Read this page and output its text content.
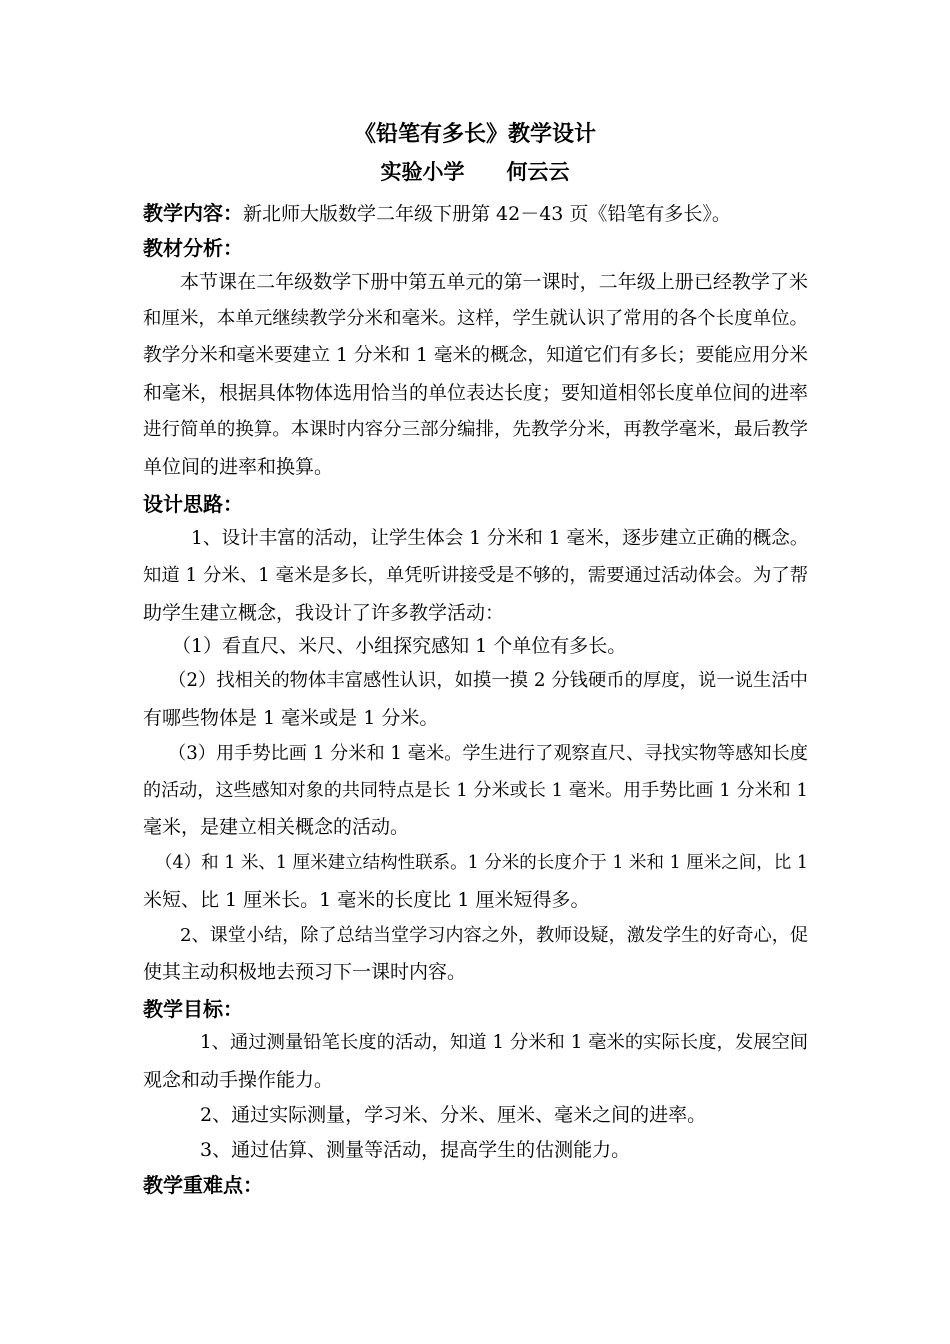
《铅笔有多长》教学设计
实验小学　　何云云
教学内容：新北师大版数学二年级下册第 42－43 页《铅笔有多长》。
教材分析：
本节课在二年级数学下册中第五单元的第一课时，二年级上册已经教学了米
和厘米，本单元继续教学分米和毫米。这样，学生就认识了常用的各个长度单位。
教学分米和毫米要建立 1 分米和 1 毫米的概念，知道它们有多长；要能应用分米
和毫米，根据具体物体选用恰当的单位表达长度；要知道相邻长度单位间的进率
进行简单的换算。本课时内容分三部分编排，先教学分米，再教学毫米，最后教学
单位间的进率和换算。
设计思路：
1、设计丰富的活动，让学生体会 1 分米和 1 毫米，逐步建立正确的概念。
知道 1 分米、1 毫米是多长，单凭听讲接受是不够的，需要通过活动体会。为了帮
助学生建立概念，我设计了许多教学活动：
（1）看直尺、米尺、小组探究感知 1 个单位有多长。
（2）找相关的物体丰富感性认识，如摸一摸 2 分钱硬币的厚度，说一说生活中
有哪些物体是 1 毫米或是 1 分米。
（3）用手势比画 1 分米和 1 毫米。学生进行了观察直尺、寻找实物等感知长度
的活动，这些感知对象的共同特点是长 1 分米或长 1 毫米。用手势比画 1 分米和 1
毫米，是建立相关概念的活动。
（4）和 1 米、1 厘米建立结构性联系。1 分米的长度介于 1 米和 1 厘米之间，比 1
米短、比 1 厘米长。1 毫米的长度比 1 厘米短得多。
2、课堂小结，除了总结当堂学习内容之外，教师设疑，激发学生的好奇心，促
使其主动积极地去预习下一课时内容。
教学目标：
1、通过测量铅笔长度的活动，知道 1 分米和 1 毫米的实际长度，发展空间
观念和动手操作能力。
2、通过实际测量，学习米、分米、厘米、毫米之间的进率。
3、通过估算、测量等活动，提高学生的估测能力。
教学重难点：
